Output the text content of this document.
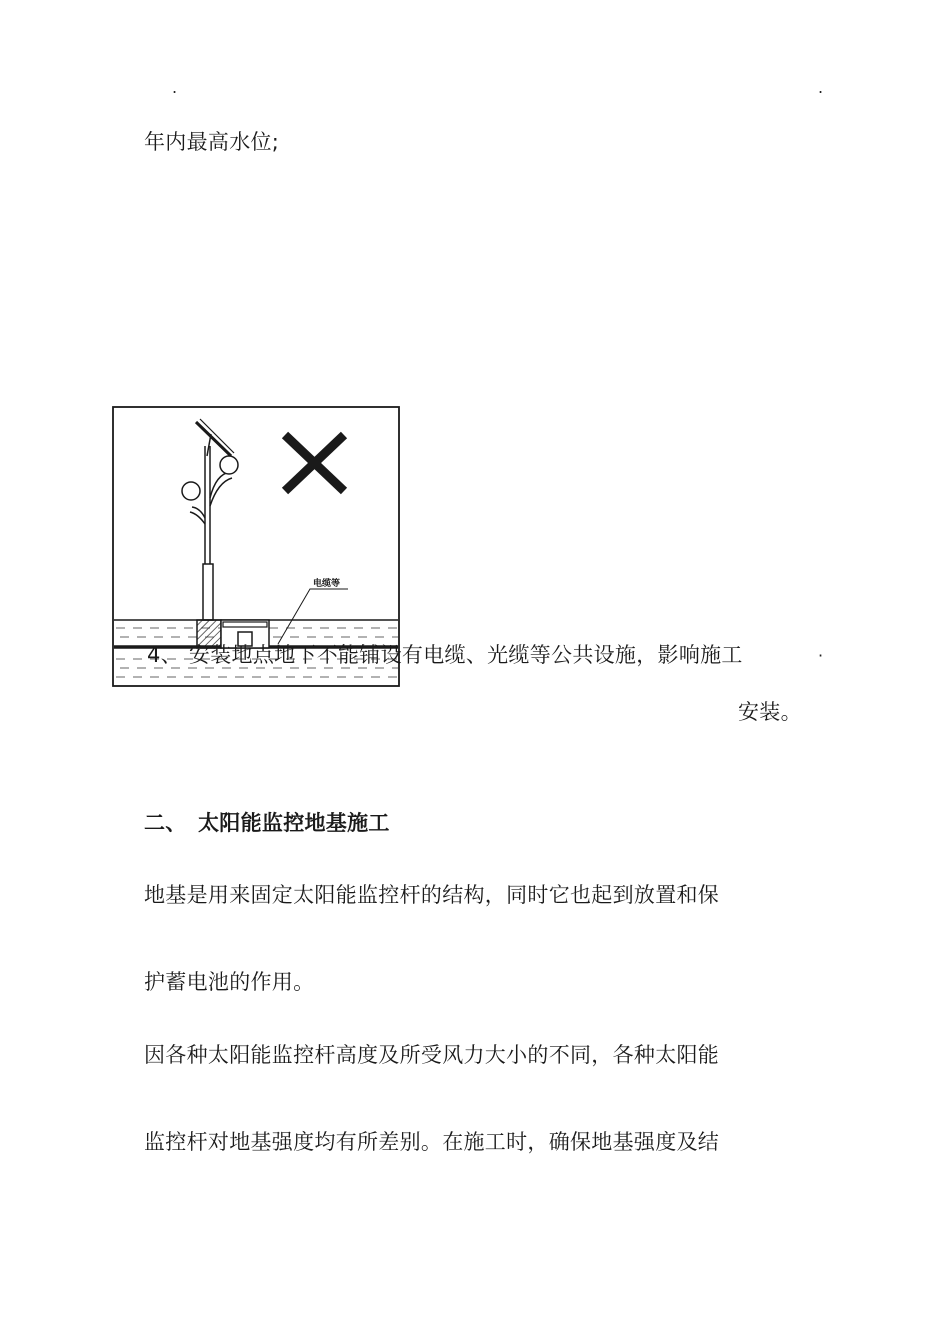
.	.
年内最高水位;
电缆等
4、 安装地点地下不能铺设有电缆、光缆等公共设施，影响施工	·
安装。
二、 太阳能监控地基施工
地基是用来固定太阳能监控杆的结构，同时它也起到放置和保
护蓄电池的作用。
因各种太阳能监控杆高度及所受风力大小的不同，各种太阳能
监控杆对地基强度均有所差别。在施工时，确保地基强度及结
